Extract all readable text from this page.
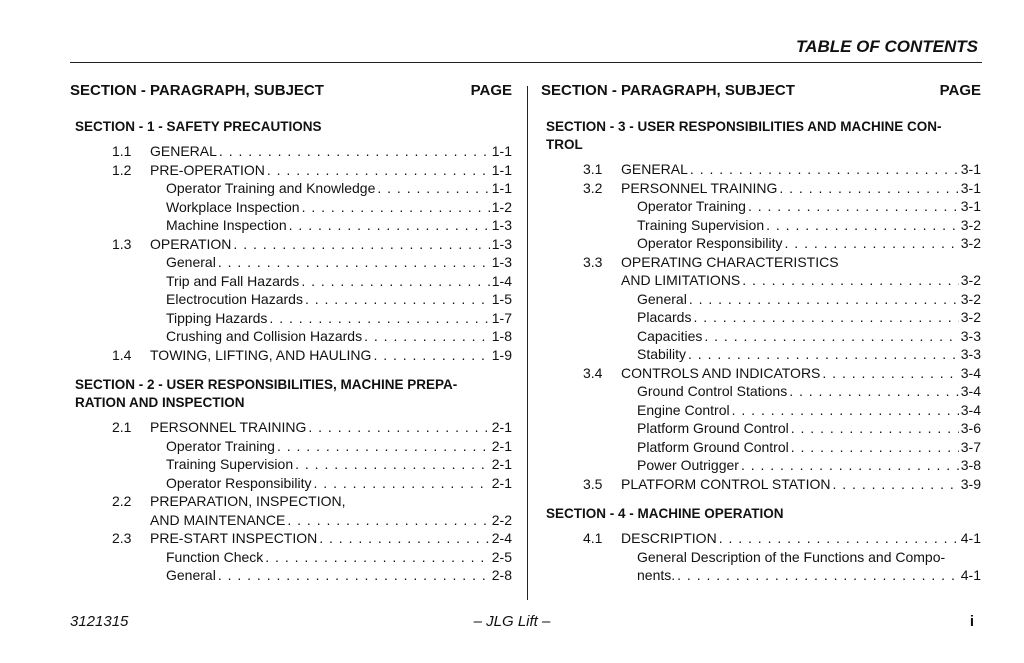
TABLE OF CONTENTS
SECTION - PARAGRAPH, SUBJECT	PAGE
SECTION - 1 - SAFETY PRECAUTIONS
1.1 GENERAL . . .	1-1
1.2 PRE-OPERATION . . .	1-1
Operator Training and Knowledge . . .	1-1
Workplace Inspection . . .	1-2
Machine Inspection . . .	1-3
1.3 OPERATION . . .	1-3
General . . .	1-3
Trip and Fall Hazards . . .	1-4
Electrocution Hazards . . .	1-5
Tipping Hazards . . .	1-7
Crushing and Collision Hazards . . .	1-8
1.4 TOWING, LIFTING, AND HAULING . . .	1-9
SECTION - 2 - USER RESPONSIBILITIES, MACHINE PREPA-
RATION AND INSPECTION
2.1 PERSONNEL TRAINING . . .	2-1
Operator Training . . .	2-1
Training Supervision . . .	2-1
Operator Responsibility . . .	2-1
2.2 PREPARATION, INSPECTION,
AND MAINTENANCE . . .	2-2
2.3 PRE-START INSPECTION . . .	2-4
Function Check . . .	2-5
General . . .	2-8
SECTION - PARAGRAPH, SUBJECT	PAGE
SECTION - 3 - USER RESPONSIBILITIES AND MACHINE CON-
TROL
3.1 GENERAL . . .	3-1
3.2 PERSONNEL TRAINING . . .	3-1
Operator Training . . .	3-1
Training Supervision . . .	3-2
Operator Responsibility . . .	3-2
3.3 OPERATING CHARACTERISTICS
AND LIMITATIONS . . .	3-2
General . . .	3-2
Placards . . .	3-2
Capacities . . .	3-3
Stability . . .	3-3
3.4 CONTROLS AND INDICATORS . . .	3-4
Ground Control Stations . . .	3-4
Engine Control . . .	3-4
Platform Ground Control . . .	3-6
Platform Ground Control . . .	3-7
Power Outrigger . . .	3-8
3.5 PLATFORM CONTROL STATION . . .	3-9
SECTION - 4 - MACHINE OPERATION
4.1 DESCRIPTION . . .	4-1
General Description of the Functions and Compo-
nents. . . .	4-1
3121315	– JLG Lift –	i
